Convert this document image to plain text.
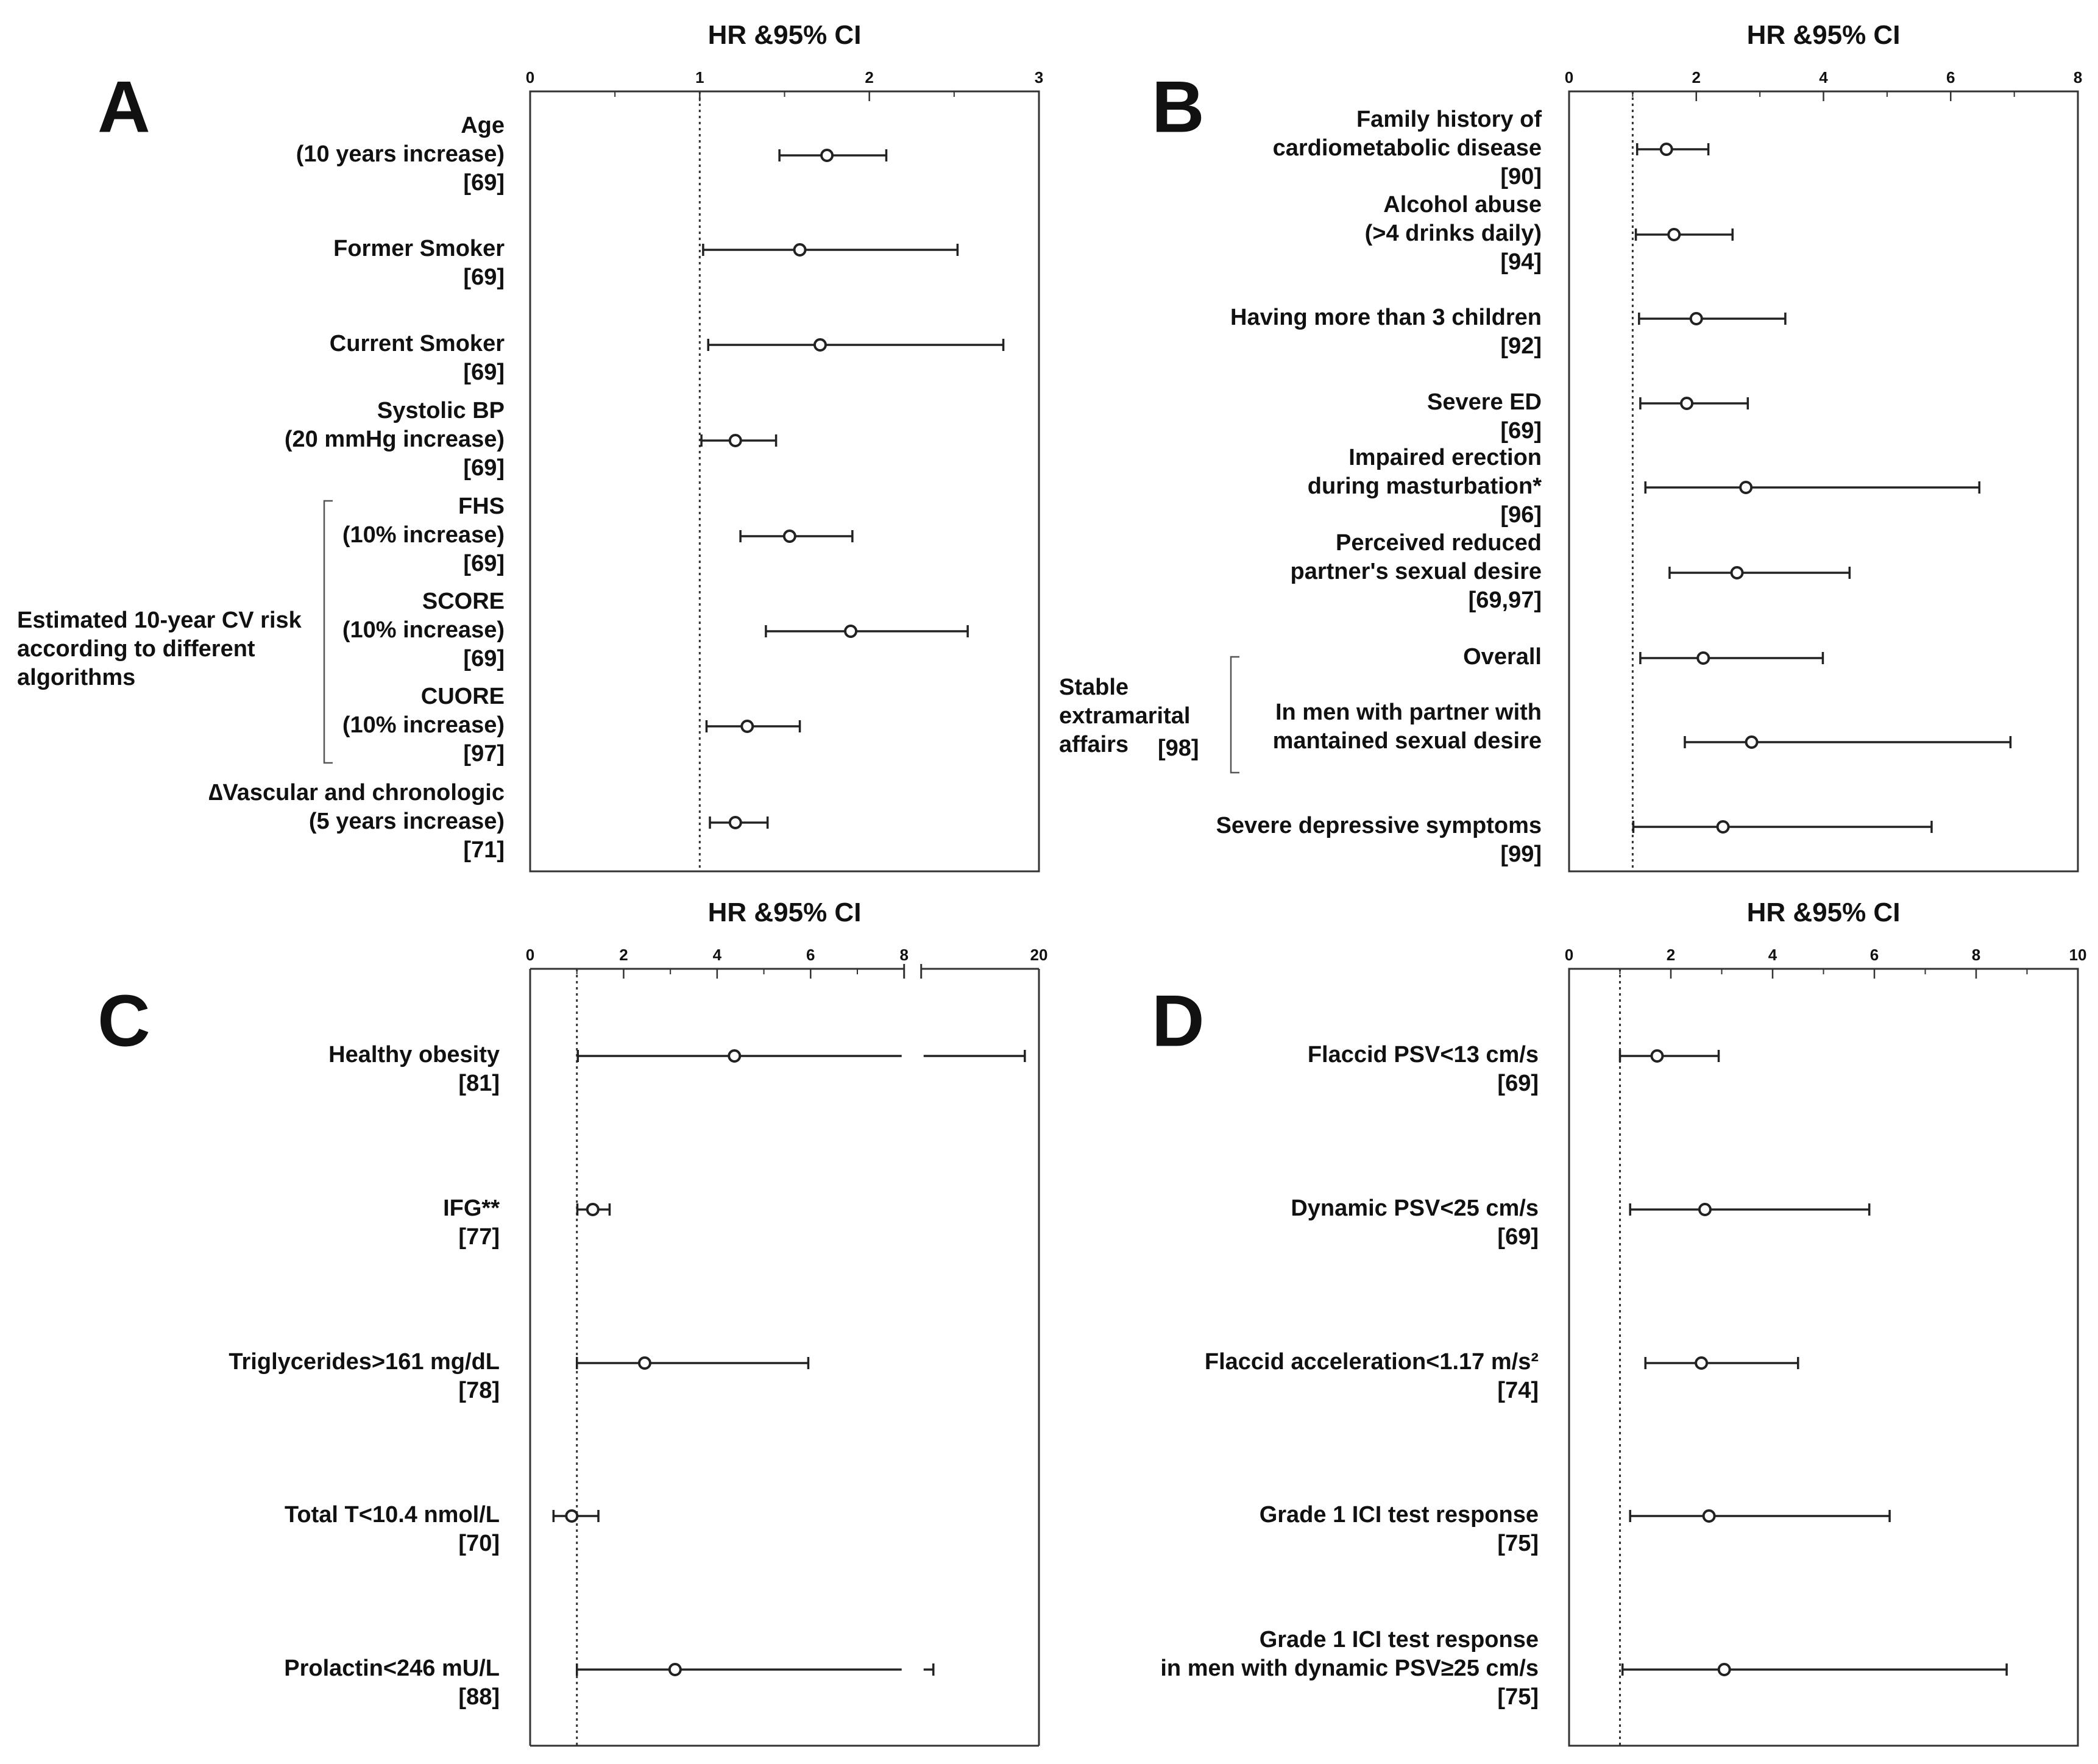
A
HR &95% CI
0	1	2	3
Age
(10 years increase)
[69]
Former Smoker
[69]
Current Smoker
[69]
Systolic BP
(20 mmHg increase)
[69]
FHS
(10% increase)
[69]
SCORE
(10% increase)
[69]
CUORE
(10% increase)
[97]
∆Vascular and chronologic
(5 years increase)
[71]
Estimated 10-year CV risk
according to different
algorithms
B
HR &95% CI
0	2	4	6	8
Family history of
cardiometabolic disease
[90]
Alcohol abuse
(>4 drinks daily)
[94]
Having more than 3 children
[92]
Severe ED
[69]
Impaired erection
during masturbation*
[96]
Perceived reduced
partner's sexual desire
[69,97]
Overall
In men with partner with
mantained sexual desire
Severe depressive symptoms
[99]
Stable
extramarital
affairs [98]
C
HR &95% CI
0	2	4	6	8	20
Healthy obesity
[81]
IFG**
[77]
Triglycerides>161 mg/dL
[78]
Total T<10.4 nmol/L
[70]
Prolactin<246 mU/L
[88]
D
HR &95% CI
0	2	4	6	8	10
Flaccid PSV<13 cm/s
[69]
Dynamic PSV<25 cm/s
[69]
Flaccid acceleration<1.17 m/s²
[74]
Grade 1 ICI test response
[75]
Grade 1 ICI test response
in men with dynamic PSV≥25 cm/s
[75]
